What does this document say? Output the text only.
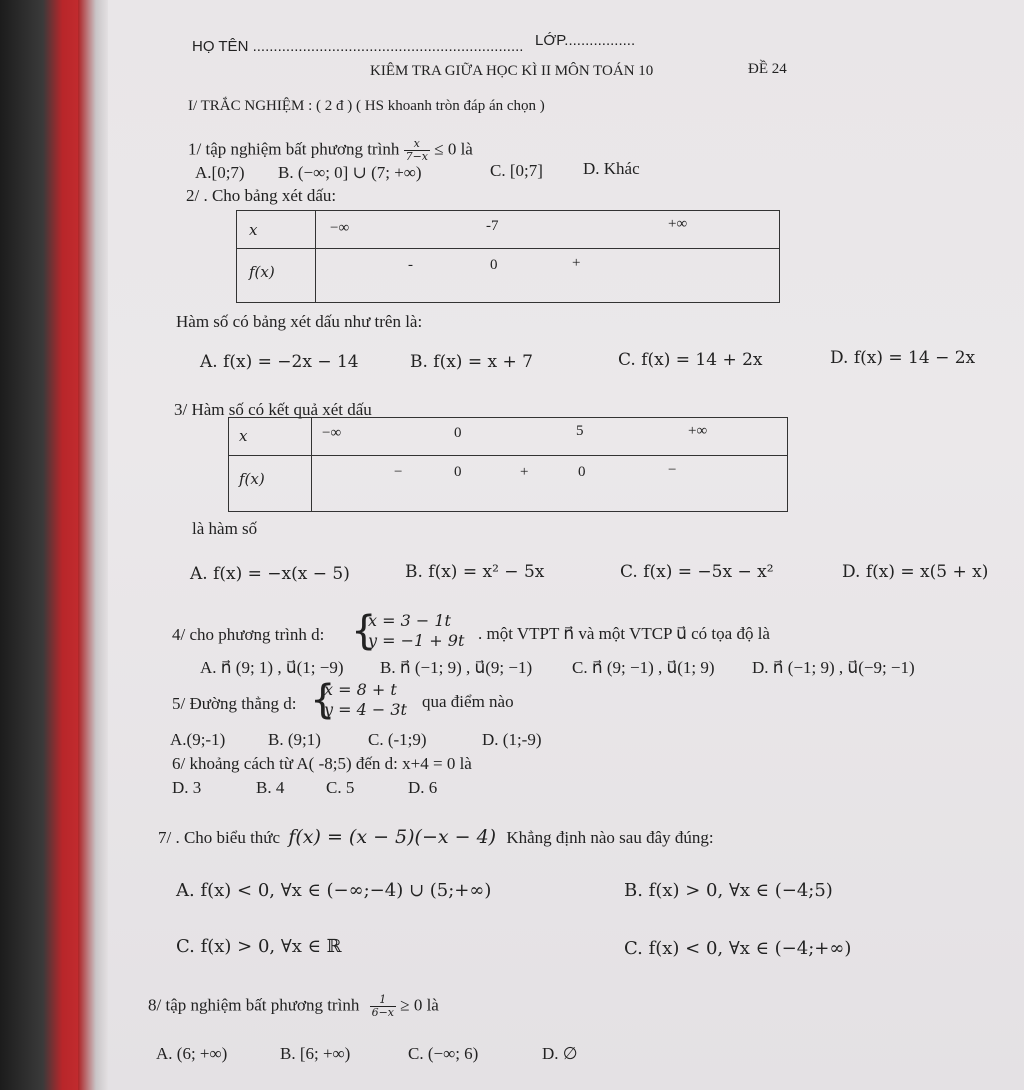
HỌ TÊN ................................................................. LỚP.................
KIÊM TRA GIỮA HỌC KÌ II MÔN TOÁN 10	ĐỀ 24
I/ TRẮC NGHIỆM : ( 2 đ ) ( HS khoanh tròn đáp án chọn )
1/ tập nghiệm bất phương trình $\frac{x}{7-x} \le 0$ là
A.[0;7) B. (−∞; 0] ∪ (7; +∞)	C. [0;7] D. Khác
2/ . Cho bảng xét dấu:
x	−∞ -7 +∞

f(x)	- 0 +
Hàm số có bảng xét dấu như trên là:
A. f(x) = −2x − 14	B. f(x) = x + 7	C. f(x) = 14 + 2x	D. f(x) = 14 − 2x
3/ Hàm số có kết quả xét dấu
x	−∞ 0 5 +∞

f(x)	− 0 + 0 −
là hàm số
A. f(x) = −x(x − 5)	B. f(x) = x² − 5x	C. f(x) = −5x − x²	D. f(x) = x(5 + x)
4/ cho phương trình d: {
x = 3 − 1t
y = −1 + 9t . một VTPT n⃗ và một VTCP u⃗ có tọa độ là
A. n⃗ (9; 1) , u⃗(1; −9) B. n⃗ (−1; 9) , u⃗(9; −1) C. n⃗ (9; −1) , u⃗(1; 9) D. n⃗ (−1; 9) , u⃗(−9; −1)
5/ Đường thẳng d: {
x = 8 + t
y = 4 − 3t qua điểm nào
A.(9;-1)	B. (9;1)	C. (-1;9)	D. (1;-9)
6/ khoảng cách từ A( -8;5) đến d: x+4 = 0 là
D. 3	B. 4 C. 5	D. 6
7/ . Cho biểu thức f(x) = (x − 5)(−x − 4) Khẳng định nào sau đây đúng:
A. f(x) < 0, ∀x ∈ (−∞;−4) ∪ (5;+∞)	B. f(x) > 0, ∀x ∈ (−4;5)
C. f(x) > 0, ∀x ∈ ℝ	C. f(x) < 0, ∀x ∈ (−4;+∞)
8/ tập nghiệm bất phương trình $\frac{1}{6-x} \ge 0$ là
A. (6; +∞)	B. [6; +∞)	C. (−∞; 6)	D. ∅
